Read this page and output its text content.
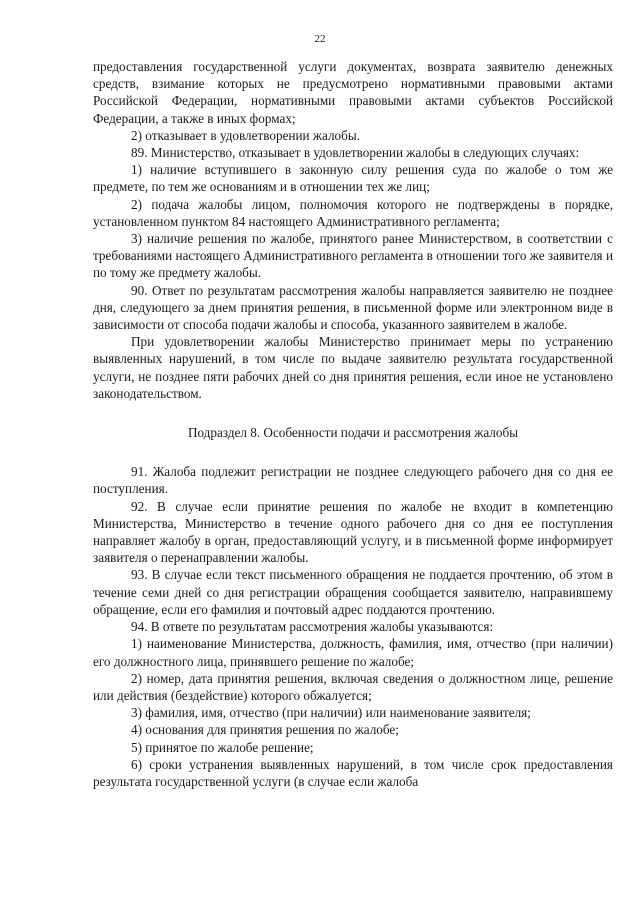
22

предоставления государственной услуги документах, возврата заявителю денежных средств, взимание которых не предусмотрено нормативными правовыми актами Российской Федерации, нормативными правовыми актами субъектов Российской Федерации, а также в иных формах;

2) отказывает в удовлетворении жалобы.

89. Министерство, отказывает в удовлетворении жалобы в следующих случаях:

1) наличие вступившего в законную силу решения суда по жалобе о том же предмете, по тем же основаниям и в отношении тех же лиц;

2) подача жалобы лицом, полномочия которого не подтверждены в порядке, установленном пунктом 84 настоящего Административного регламента;

3) наличие решения по жалобе, принятого ранее Министерством, в соответствии с требованиями настоящего Административного регламента в отношении того же заявителя и по тому же предмету жалобы.

90. Ответ по результатам рассмотрения жалобы направляется заявителю не позднее дня, следующего за днем принятия решения, в письменной форме или электронном виде в зависимости от способа подачи жалобы и способа, указанного заявителем в жалобе.

При удовлетворении жалобы Министерство принимает меры по устранению выявленных нарушений, в том числе по выдаче заявителю результата государственной услуги, не позднее пяти рабочих дней со дня принятия решения, если иное не установлено законодательством.

Подраздел 8. Особенности подачи и рассмотрения жалобы

91. Жалоба подлежит регистрации не позднее следующего рабочего дня со дня ее поступления.

92. В случае если принятие решения по жалобе не входит в компетенцию Министерства, Министерство в течение одного рабочего дня со дня ее поступления направляет жалобу в орган, предоставляющий услугу, и в письменной форме информирует заявителя о перенаправлении жалобы.

93. В случае если текст письменного обращения не поддается прочтению, об этом в течение семи дней со дня регистрации обращения сообщается заявителю, направившему обращение, если его фамилия и почтовый адрес поддаются прочтению.

94. В ответе по результатам рассмотрения жалобы указываются:

1) наименование Министерства, должность, фамилия, имя, отчество (при наличии) его должностного лица, принявшего решение по жалобе;

2) номер, дата принятия решения, включая сведения о должностном лице, решение или действия (бездействие) которого обжалуется;

3) фамилия, имя, отчество (при наличии) или наименование заявителя;

4) основания для принятия решения по жалобе;

5) принятое по жалобе решение;

6) сроки устранения выявленных нарушений, в том числе срок предоставления результата государственной услуги (в случае если жалоба
